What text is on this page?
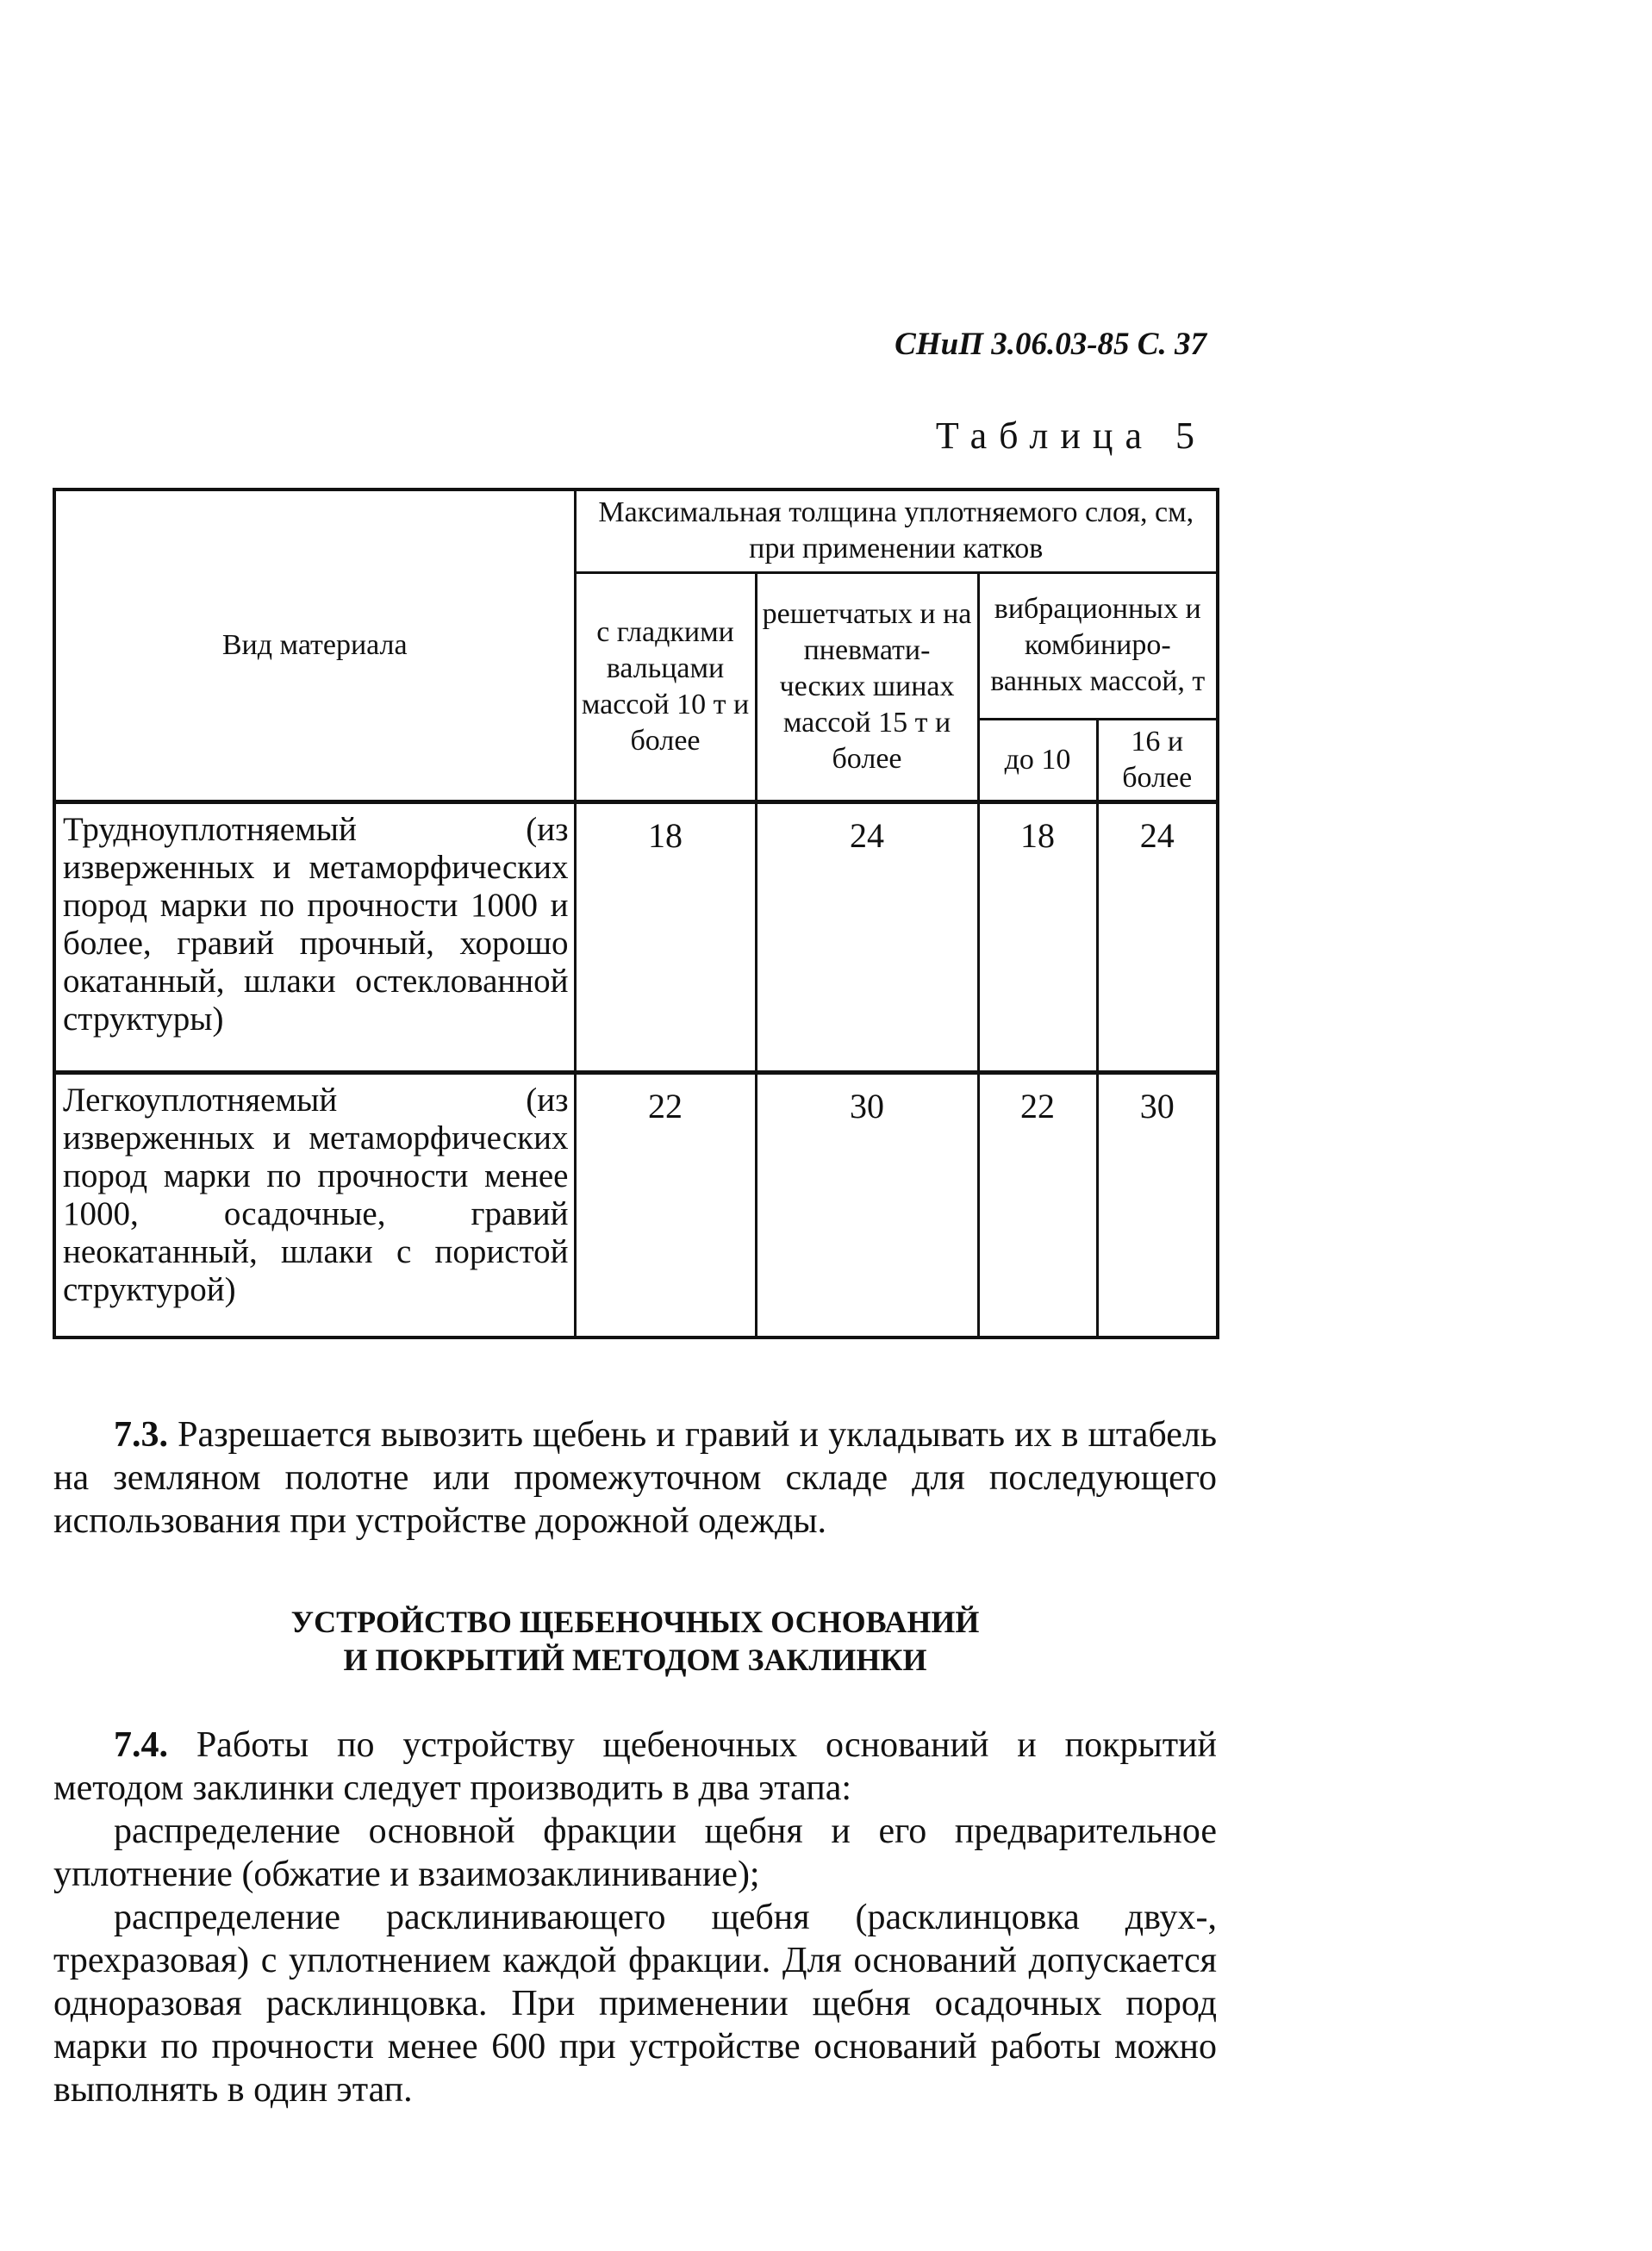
СНиП 3.06.03-85 С. 37
Таблица 5
Вид материала	Максимальная толщина уплотняемого слоя, см, при применении катков			
	с гладкими вальцами массой 10 т и более	решетчатых и на пневмати-ческих шинах массой 15 т и более	вибрационных и комбиниро-ванных массой, т	
			до 10	16 и более
Трудноуплотняемый (из изверженных и метаморфических пород марки по прочности 1000 и более, гравий прочный, хорошо окатанный, шлаки остеклованной структуры)	18	24	18	24
Легкоуплотняемый (из изверженных и метаморфических пород марки по прочности менее 1000, осадочные, гравий неокатанный, шлаки с пористой структурой)	22	30	22	30
7.3. Разрешается вывозить щебень и гравий и укладывать их в штабель на земляном полотне или промежуточном складе для последующего использования при устройстве дорожной одежды.
УСТРОЙСТВО ЩЕБЕНОЧНЫХ ОСНОВАНИЙ
И ПОКРЫТИЙ МЕТОДОМ ЗАКЛИНКИ
7.4. Работы по устройству щебеночных оснований и покрытий методом заклинки следует производить в два этапа:
распределение основной фракции щебня и его предварительное уплотнение (обжатие и взаимозаклинивание);
распределение расклинивающего щебня (расклинцовка двух-, трехразовая) с уплотнением каждой фракции. Для оснований допускается одноразовая расклинцовка. При применении щебня осадочных пород марки по прочности менее 600 при устройстве оснований работы можно выполнять в один этап.
